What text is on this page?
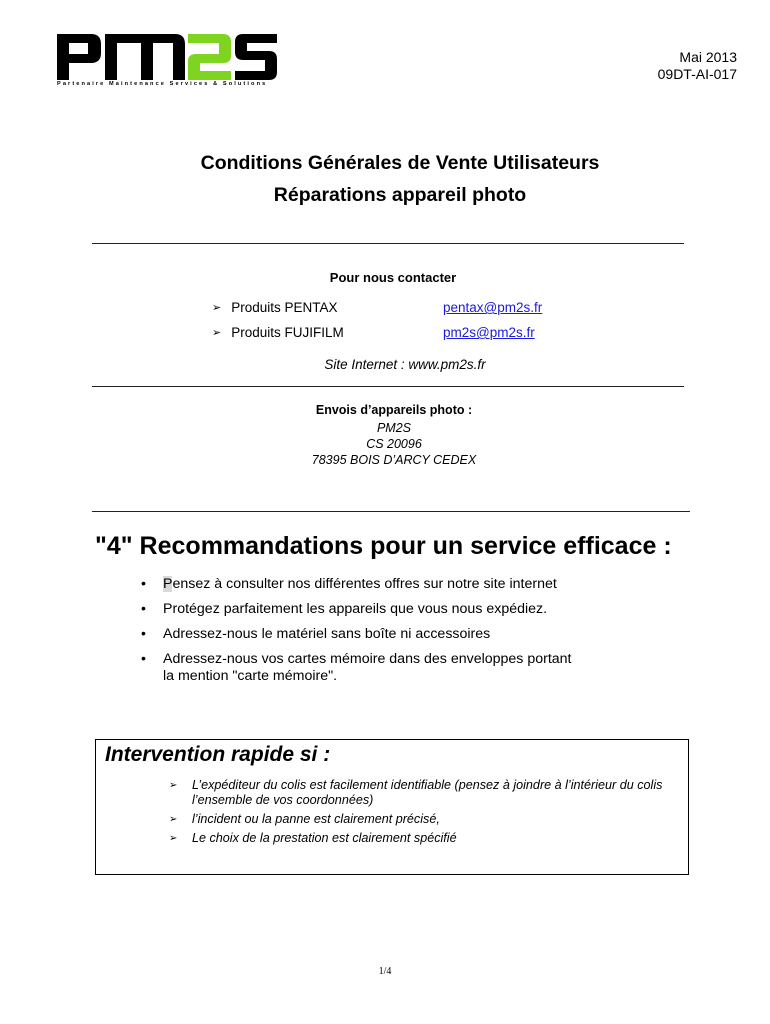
Partenaire Maintenance Services & Solutions
Mai 2013
09DT-AI-017
Conditions Générales de Vente Utilisateurs
Réparations appareil photo
Pour nous contacter
➢ Produits PENTAX	pentax@pm2s.fr
➢ Produits FUJIFILM	pm2s@pm2s.fr
Site Internet : www.pm2s.fr
Envois d’appareils photo :
PM2S
CS 20096
78395 BOIS D’ARCY CEDEX
"4" Recommandations pour un service efficace :
• Pensez à consulter nos différentes offres sur notre site internet
• Protégez parfaitement les appareils que vous nous expédiez.
• Adressez-nous le matériel sans boîte ni accessoires
• Adressez-nous vos cartes mémoire dans des enveloppes portant la mention "carte mémoire".
Intervention rapide si :
➢ L’expéditeur du colis est facilement identifiable (pensez à joindre à l’intérieur du colis l’ensemble de vos coordonnées)
➢ l’incident ou la panne est clairement précisé,
➢ Le choix de la prestation est clairement spécifié
1/4
